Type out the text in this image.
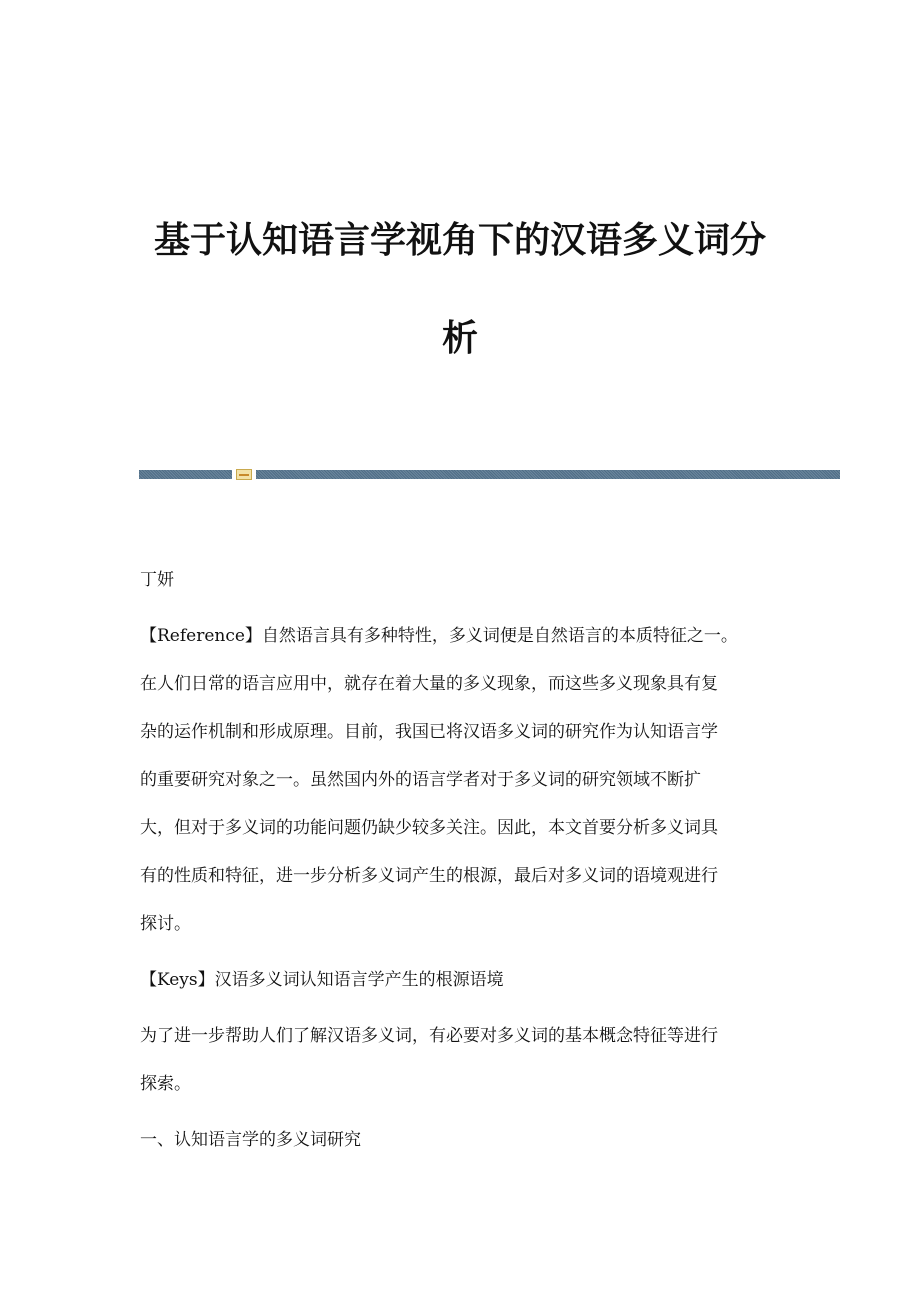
基于认知语言学视角下的汉语多义词分
析

丁妍

【Reference】自然语言具有多种特性，多义词便是自然语言的本质特征之一。
在人们日常的语言应用中，就存在着大量的多义现象，而这些多义现象具有复
杂的运作机制和形成原理。目前，我国已将汉语多义词的研究作为认知语言学
的重要研究对象之一。虽然国内外的语言学者对于多义词的研究领域不断扩
大，但对于多义词的功能问题仍缺少较多关注。因此，本文首要分析多义词具
有的性质和特征，进一步分析多义词产生的根源，最后对多义词的语境观进行
探讨。

【Keys】汉语多义词认知语言学产生的根源语境

为了进一步帮助人们了解汉语多义词，有必要对多义词的基本概念特征等进行
探索。

一、认知语言学的多义词研究
